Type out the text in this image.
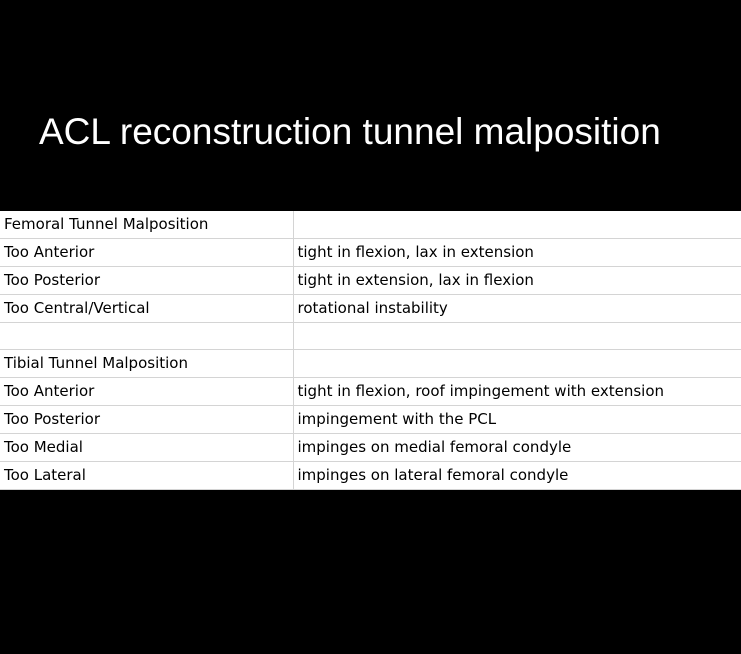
ACL reconstruction tunnel malposition
Femoral Tunnel Malposition	
Too Anterior	tight in flexion, lax in extension
Too Posterior	tight in extension, lax in flexion
Too Central/Vertical	rotational instability

Tibial Tunnel Malposition	
Too Anterior	tight in flexion, roof impingement with extension
Too Posterior	impingement with the PCL
Too Medial	impinges on medial femoral condyle
Too Lateral	impinges on lateral femoral condyle
